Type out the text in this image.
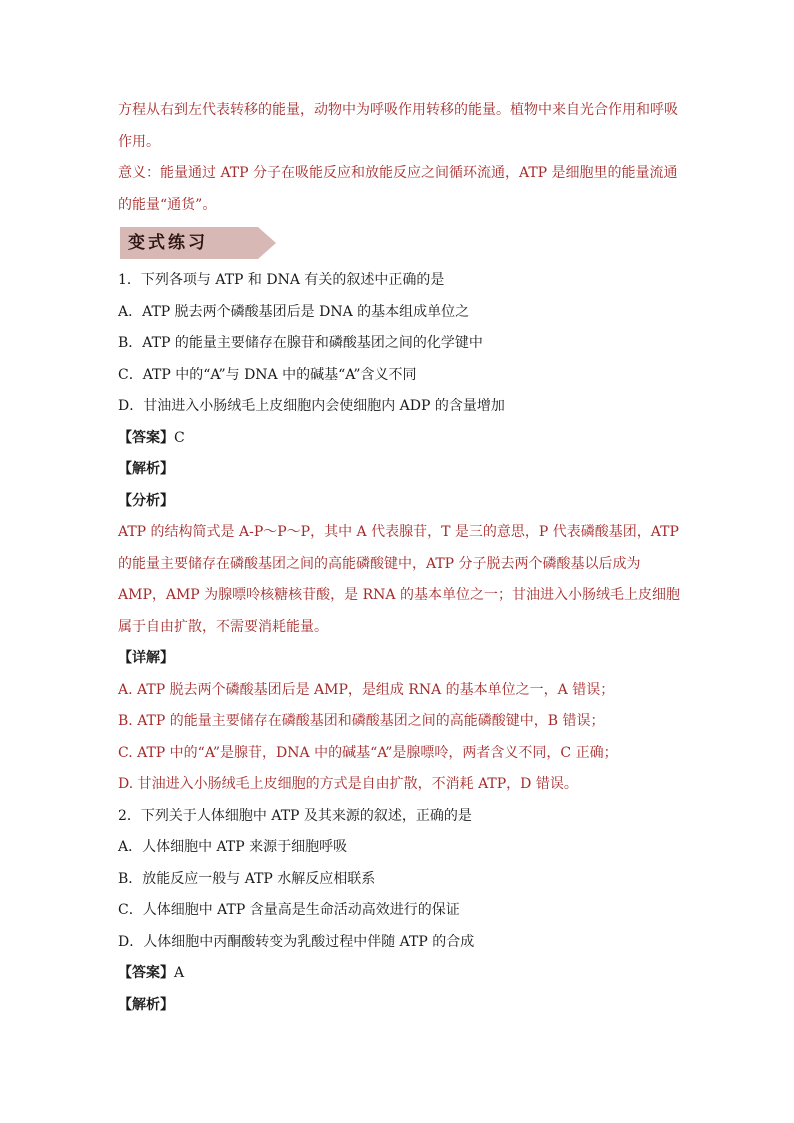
方程从右到左代表转移的能量，动物中为呼吸作用转移的能量。植物中来自光合作用和呼吸
作用。
意义：能量通过 ATP 分子在吸能反应和放能反应之间循环流通，ATP 是细胞里的能量流通
的能量“通货”。
变式练习
1．下列各项与 ATP 和 DNA 有关的叙述中正确的是
A．ATP 脱去两个磷酸基团后是 DNA 的基本组成单位之
B．ATP 的能量主要储存在腺苷和磷酸基团之间的化学键中
C．ATP 中的“A”与 DNA 中的碱基“A”含义不同
D．甘油进入小肠绒毛上皮细胞内会使细胞内 ADP 的含量增加
【答案】C
【解析】
【分析】
ATP 的结构简式是 A-P～P～P，其中 A 代表腺苷，T 是三的意思，P 代表磷酸基团，ATP
的能量主要储存在磷酸基团之间的高能磷酸键中，ATP 分子脱去两个磷酸基以后成为
AMP，AMP 为腺嘌呤核糖核苷酸，是 RNA 的基本单位之一；甘油进入小肠绒毛上皮细胞
属于自由扩散，不需要消耗能量。
【详解】
A. ATP 脱去两个磷酸基团后是 AMP，是组成 RNA 的基本单位之一，A 错误；
B. ATP 的能量主要储存在磷酸基团和磷酸基团之间的高能磷酸键中，B 错误；
C. ATP 中的“A”是腺苷，DNA 中的碱基“A”是腺嘌呤，两者含义不同，C 正确；
D. 甘油进入小肠绒毛上皮细胞的方式是自由扩散，不消耗 ATP，D 错误。
2．下列关于人体细胞中 ATP 及其来源的叙述，正确的是
A．人体细胞中 ATP 来源于细胞呼吸
B．放能反应一般与 ATP 水解反应相联系
C．人体细胞中 ATP 含量高是生命活动高效进行的保证
D．人体细胞中丙酮酸转变为乳酸过程中伴随 ATP 的合成
【答案】A
【解析】
